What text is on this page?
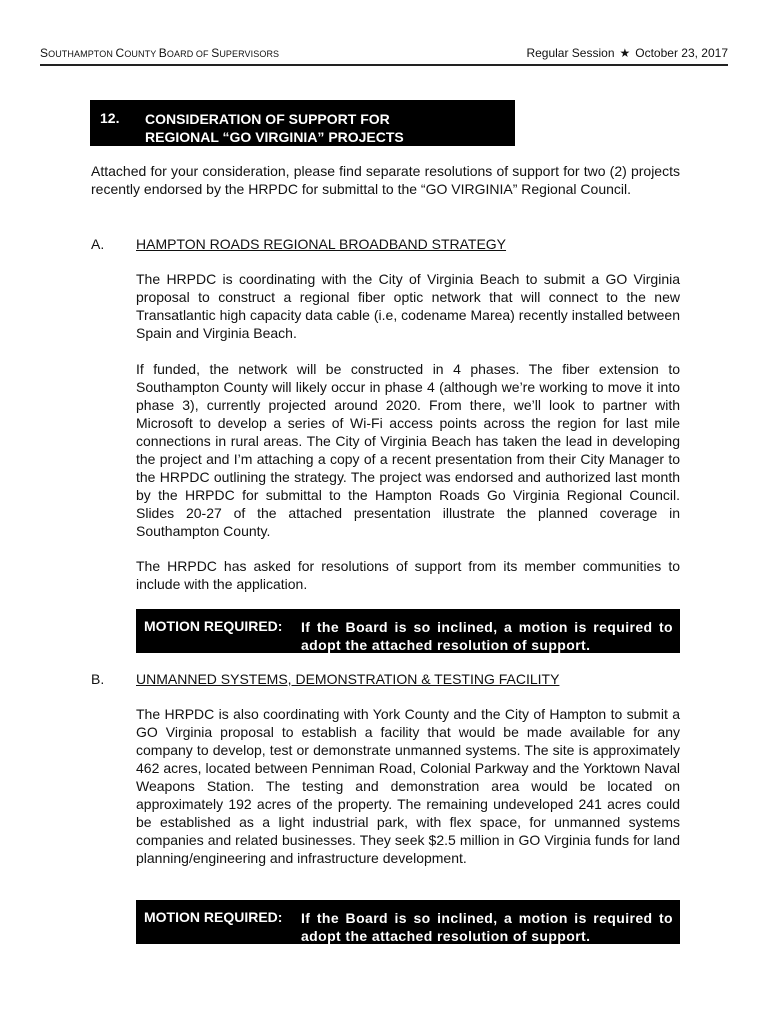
SOUTHAMPTON COUNTY BOARD OF SUPERVISORS	Regular Session ★ October 23, 2017
12. CONSIDERATION OF SUPPORT FOR
REGIONAL “GO VIRGINIA” PROJECTS

Attached for your consideration, please find separate resolutions of support for two (2) projects recently endorsed by the HRPDC for submittal to the “GO VIRGINIA” Regional Council.

A. HAMPTON ROADS REGIONAL BROADBAND STRATEGY

The HRPDC is coordinating with the City of Virginia Beach to submit a GO Virginia proposal to construct a regional fiber optic network that will connect to the new Transatlantic high capacity data cable (i.e, codename Marea) recently installed between Spain and Virginia Beach.

If funded, the network will be constructed in 4 phases. The fiber extension to Southampton County will likely occur in phase 4 (although we’re working to move it into phase 3), currently projected around 2020. From there, we’ll look to partner with Microsoft to develop a series of Wi-Fi access points across the region for last mile connections in rural areas. The City of Virginia Beach has taken the lead in developing the project and I’m attaching a copy of a recent presentation from their City Manager to the HRPDC outlining the strategy. The project was endorsed and authorized last month by the HRPDC for submittal to the Hampton Roads Go Virginia Regional Council. Slides 20-27 of the attached presentation illustrate the planned coverage in Southampton County.

The HRPDC has asked for resolutions of support from its member communities to include with the application.

MOTION REQUIRED: If the Board is so inclined, a motion is required to adopt the attached resolution of support.
B. UNMANNED SYSTEMS, DEMONSTRATION & TESTING FACILITY

The HRPDC is also coordinating with York County and the City of Hampton to submit a GO Virginia proposal to establish a facility that would be made available for any company to develop, test or demonstrate unmanned systems. The site is approximately 462 acres, located between Penniman Road, Colonial Parkway and the Yorktown Naval Weapons Station. The testing and demonstration area would be located on approximately 192 acres of the property. The remaining undeveloped 241 acres could be established as a light industrial park, with flex space, for unmanned systems companies and related businesses. They seek $2.5 million in GO Virginia funds for land planning/engineering and infrastructure development.

MOTION REQUIRED: If the Board is so inclined, a motion is required to adopt the attached resolution of support.
